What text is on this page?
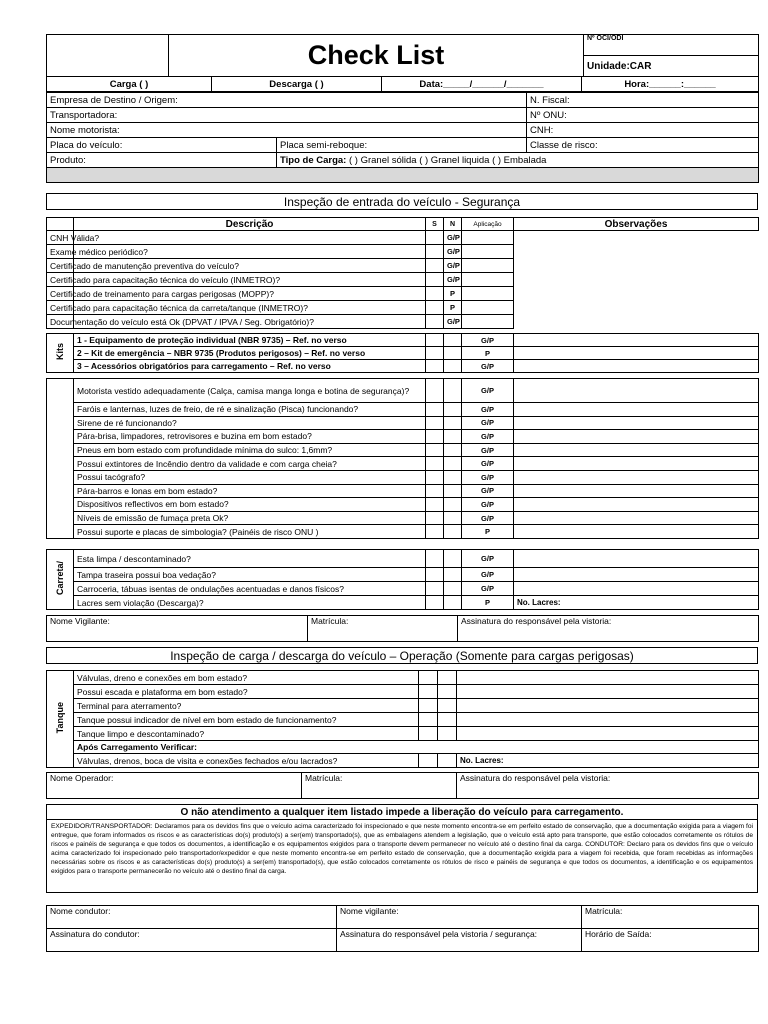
	Check List	Nº OCI/ODI
Unidade:CAR
Carga ( )	Descarga ( )	Data:_____/______/_______	Hora:______:______
Empresa de Destino / Origem:		N. Fiscal:
Transportadora:		Nº ONU:
Nome motorista:		CNH:
Placa do veículo:	Placa semi-reboque:	Classe de risco:
Produto:	Tipo de Carga: ( ) Granel sólida ( ) Granel liquida ( ) Embalada	

Inspeção de entrada do veículo - Segurança
	Descrição	S	N	Aplicação	Observações
CNH Válida?			G/P		
Exame médico periódico?			G/P		
Certificado de manutenção preventiva do veículo?			G/P		
Certificado para capacitação técnica do veículo (INMETRO)?			G/P		
Certificado de treinamento para cargas perigosas (MOPP)?			P		
Certificado para capacitação técnica da carreta/tanque (INMETRO)?			P		
Documentação do veículo está Ok (DPVAT / IPVA / Seg. Obrigatório)?			G/P		
Kits	1 - Equipamento de proteção individual (NBR 9735) – Ref. no verso			G/P	
	2 – Kit de emergência – NBR 9735 (Produtos perigosos) – Ref. no verso			P	
	3 – Acessórios obrigatórios para carregamento – Ref. no verso			G/P	
	Motorista vestido adequadamente (Calça, camisa manga longa e botina de segurança)?			G/P	
	Faróis e lanternas, luzes de freio, de ré e sinalização (Pisca) funcionando?			G/P	
	Sirene de ré funcionando?			G/P	
	Pára-brisa, limpadores, retrovisores e buzina em bom estado?			G/P	
	Pneus em bom estado com profundidade mínima do sulco: 1,6mm?			G/P	
	Possui extintores de Incêndio dentro da validade e com carga cheia?			G/P	
	Possui tacógrafo?			G/P	
	Pára-barros e lonas em bom estado?			G/P	
	Dispositivos reflectivos em bom estado?			G/P	
	Níveis de emissão de fumaça preta Ok?			G/P	
	Possui suporte e placas de simbologia? (Painéis de risco ONU )			P	
Carreta/	Esta limpa / descontaminado?			G/P	
	Tampa traseira possui boa vedação?			G/P	
	Carroceria, tábuas isentas de ondulações acentuadas e danos físicos?			G/P	
	Lacres sem violação (Descarga)?			P	No. Lacres:
Nome Vigilante:	Matrícula:	Assinatura do responsável pela vistoria:
Inspeção de carga / descarga do veículo – Operação (Somente para cargas perigosas)
Tanque	Válvulas, dreno e conexões em bom estado?			
	Possui escada e plataforma em bom estado?			
	Terminal para aterramento?			
	Tanque possui indicador de nível em bom estado de funcionamento?			
	Tanque limpo e descontaminado?			
	Após Carregamento Verificar:			
	Válvulas, drenos, boca de visita e conexões fechados e/ou lacrados?			No. Lacres:
Nome Operador:	Matrícula:	Assinatura do responsável pela vistoria:
O não atendimento a qualquer item listado impede a liberação do veículo para carregamento.
EXPEDIDOR/TRANSPORTADOR: Declaramos para os devidos fins que o veículo acima caracterizado foi inspecionado e que neste momento encontra-se em perfeito estado de conservação, que a documentação exigida para a viagem foi entregue, que foram informados os riscos e as características do(s) produto(s) a ser(em) transportado(s), que as embalagens atendem a legislação, que o veículo está apto para transporte, que estão colocados corretamente os rótulos de riscos e painéis de segurança e que todos os documentos, a identificação e os equipamentos exigidos para o transporte devem permanecer no veículo até o destino final da carga. CONDUTOR: Declaro para os devidos fins que o veículo acima caracterizado foi inspecionado pelo transportador/expedidor e que neste momento encontra-se em perfeito estado de conservação, que a documentação exigida para a viagem foi recebida, que foram recebidas as informações necessárias sobre os riscos e as características do(s) produto(s) a ser(em) transportado(s), que estão colocados corretamente os rótulos de risco e painéis de segurança e que todos os documentos, a identificação e os equipamentos exigidos para o transporte permanecerão no veículo até o destino final da carga.
Nome condutor:	Nome vigilante:	Matrícula:
Assinatura do condutor:	Assinatura do responsável pela vistoria / segurança:	Horário de Saída:
